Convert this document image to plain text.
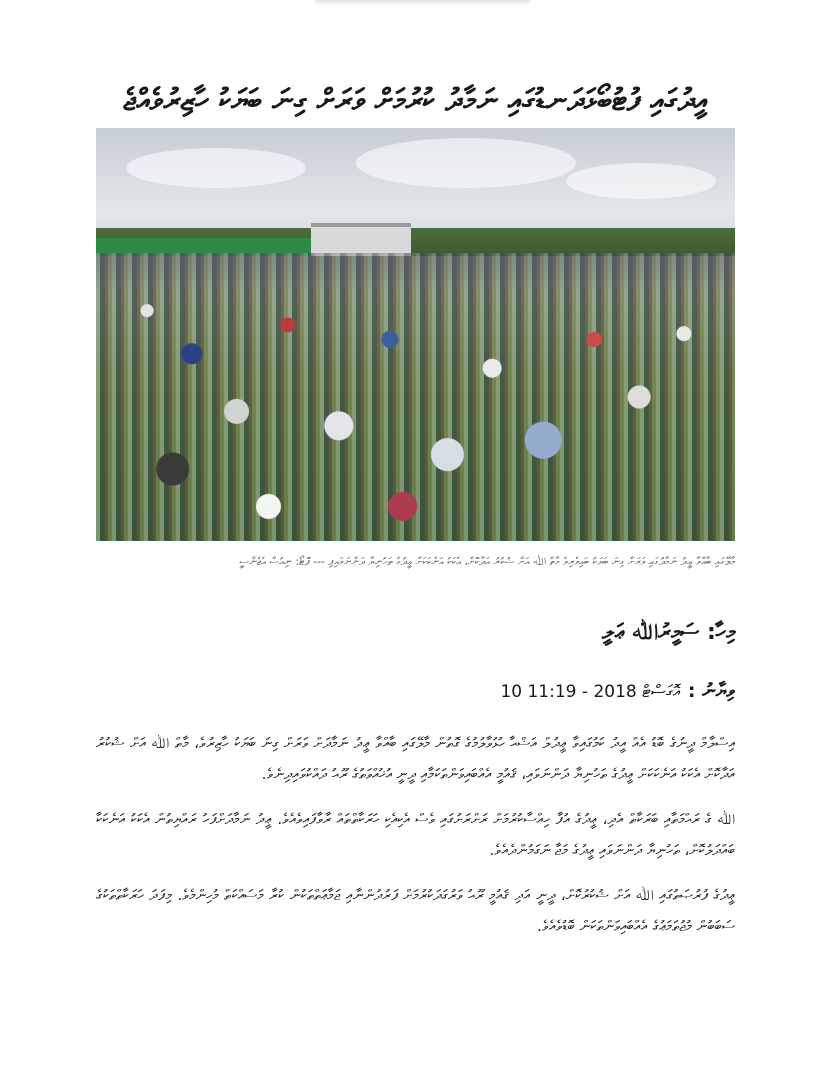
އީދުގައި ފުޓުބޯޅަދަނޑުގައި ނަމާދު ކުރުމަށް ވަރަށް ގިނަ ބަޔަކު ހާޒިރުވެއްޖެ
މާލޭގައި ބާއްވާ ޢީދު ނަމާދުގައި ވަރަށް ގިނަ ބަޔަކު ބައިވެރިވެ މާތް ﷲ އަށް ޝުކުރު އަދާކޮށް، އެކަކު އަނެކަކަށް ޢީދުގެ ތަހުނިޔާ ދަންނަވައިފި --- ފޮޓޯ: ނިއުސް އެޖެންސީ
މިހާ: ސަމީރުﷲ ޢަލީ
ވިޔާނު :
10 އޮގަސްޓް 2018 - 11:19

އިސްލާމް ދީނުގެ ބޮޑު އެއް އީދު ކަމުގައިވާ ޢީދުލް އަޟްޙާ ހުޅުވާލުމުގެ ގޮތުން މާލޭގައި ބާއްވާ ޢީދު ނަމާދަށް ވަރަށް ގިނަ ބަޔަކު ހާޒިރުވެ، މާތް ﷲ އަށް ޝުކުރު އަދާކޮށް އެކަކު އަނެކަކަށް ޢީދުގެ ތަހުނިޔާ ދަންނަވައި، ޤައުމީ އެއްބައިވަންތަކަމާއި ދީނީ އުޚުއްވަތުގެ ރޫޙު ދައްކުވައިދިނެވެ.

ﷲ ގެ ރަޙްމަތާއި ބަރަކާތް އެދި، ޢީދުގެ އުފާ ހިއްސާކުރުމަށް ރަށްރަށުގައި ވެސް އެކިއެކި ހަރަކާތްތައް ރާވާފައިވެއެވެ. ޢީދު ނަމާދަށްފަހު ރައްޔިތުން އެކަކު އަނެކަކާ ބައްދަލުކޮށް، ތަހުނިޔާ ދަންނަވައި ޢީދުގެ މަޖާ ނަގަމުންދެއެވެ.

ޢީދުގެ ފުރުޞަތުގައި ﷲ އަށް ޝުކުރުކޮށް، ދީނީ އަދި ޤައުމީ ރޫޙު ވަރުގަދަކުރުމަށް ފަރުދުންނާއި ޖަމާޢަތްތަކުން ކުރާ މަސައްކަތް މުހިންމެވެ. މިފަދަ ހަރަކާތްތަކުގެ ސަބަބުން މުޖުތަމަޢުގެ އެއްބައިވަންތަކަން ބޮޑުވެއެވެ.
